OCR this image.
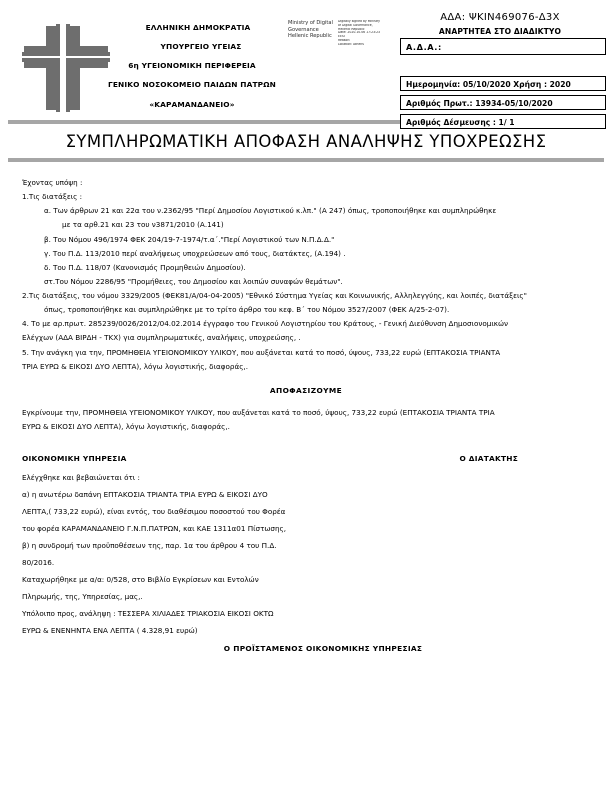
ΕΛΛΗΝΙΚΗ ΔΗΜΟΚΡΑΤΙΑ
ΥΠΟΥΡΓΕΙΟ ΥΓΕΙΑΣ
6η ΥΓΕΙΟΝΟΜΙΚΗ ΠΕΡΙΦΕΡΕΙΑ
ΓΕΝΙΚΟ ΝΟΣΟΚΟΜΕΙΟ ΠΑΙΔΩΝ ΠΑΤΡΩΝ
«ΚΑΡΑΜΑΝΔΑΝΕΙΟ»
Ministry of Digital
Governance
Hellenic Republic
Digitally signed by Ministry
of Digital Governance,
Hellenic Republic
Date: 2020.10.06 17:23:23
EEST
Reason:
Location: Athens
ΑΔΑ: ΨΚΙΝ469076-Δ3Χ
ΑΝΑΡΤΗΤΕΑ ΣΤΟ ΔΙΑΔΙΚΤΥΟ
Α.Δ.Α.:
Ημερομηνία: 05/10/2020 Χρήση : 2020
Αριθμός Πρωτ.: 13934-05/10/2020
Αριθμός Δέσμευσης : 1/ 1
ΣΥΜΠΛΗΡΩΜΑΤΙΚΗ ΑΠΟΦΑΣΗ ΑΝΑΛΗΨΗΣ ΥΠΟΧΡΕΩΣΗΣ
Έχοντας υπόψη :
1.Τις διατάξεις :
α. Των άρθρων 21 και 22α του ν.2362/95 "Περί Δημοσίου Λογιστικού κ.λπ." (Α 247) όπως, τροποποιήθηκε και συμπληρώθηκε
με τα αρθ.21 και 23 του ν3871/2010 (Α.141)
β. Του Νόμου 496/1974 ΦΕΚ 204/19-7-1974/τ.α΄."Περί Λογιστικού των Ν.Π.Δ.Δ."
γ. Του Π.Δ. 113/2010 περί αναλήψεως υποχρεώσεων από τους, διατάκτες, (Α.194) .
δ. Του Π.Δ. 118/07 (Κανονισμός Προμηθειών Δημοσίου).
στ.Του Νόμου 2286/95 "Προμήθειες, του Δημοσίου και λοιπών συναφών θεμάτων".
2.Τις διατάξεις, του νόμου 3329/2005 (ΦΕΚ81/Α/04-04-2005) "Εθνικό Σύστημα Υγείας και Κοινωνικής, Αλληλεγγύης, και λοιπές, διατάξεις"
όπως, τροποποιήθηκε και συμπληρώθηκε με το τρίτο άρθρο του κεφ. Β΄ του Νόμου 3527/2007 (ΦΕΚ Α/25-2-07).
4. Το με αρ.πρωτ. 285239/0026/2012/04.02.2014 έγγραφο του Γενικού Λογιστηρίου του Κράτους, - Γενική Διεύθυνση Δημοσιονομικών
Ελέγχων (ΑΔΑ ΒΙΡΔΗ - ΤΚΧ) για συμπληρωματικές, αναλήψεις, υποχρεώσης, .
5. Την ανάγκη για την, ΠΡΟΜΗΘΕΙΑ ΥΓΕΙΟΝΟΜΙΚΟΥ ΥΛΙΚΟΥ, που αυξάνεται κατά το ποσό, ύψους, 733,22 ευρώ (ΕΠΤΑΚΟΣΙΑ ΤΡΙΑΝΤΑ
ΤΡΙΑ ΕΥΡΩ & ΕΙΚΟΣΙ ΔΥΟ ΛΕΠΤΑ), λόγω λογιστικής, διαφοράς,.
ΑΠΟΦΑΣΙΖΟΥΜΕ
Εγκρίνουμε την, ΠΡΟΜΗΘΕΙΑ ΥΓΕΙΟΝΟΜΙΚΟΥ ΥΛΙΚΟΥ, που αυξάνεται κατά το ποσό, ύψους, 733,22 ευρώ (ΕΠΤΑΚΟΣΙΑ ΤΡΙΑΝΤΑ ΤΡΙΑ
ΕΥΡΩ & ΕΙΚΟΣΙ ΔΥΟ ΛΕΠΤΑ), λόγω λογιστικής, διαφοράς,.
ΟΙΚΟΝΟΜΙΚΗ ΥΠΗΡΕΣΙΑ	Ο ΔΙΑΤΑΚΤΗΣ
Ελέγχθηκε και βεβαιώνεται ότι :
α) η ανωτέρω δαπάνη ΕΠΤΑΚΟΣΙΑ ΤΡΙΑΝΤΑ ΤΡΙΑ ΕΥΡΩ & ΕΙΚΟΣΙ ΔΥΟ
ΛΕΠΤΑ,( 733,22 ευρώ), είναι εντός, του διαθέσιμου ποσοστού του Φορέα
του φορέα ΚΑΡΑΜΑΝΔΑΝΕΙΟ Γ.Ν.Π.ΠΑΤΡΩΝ, και ΚΑΕ 1311α01 Πίστωσης,
β) η συνδρομή των προϋποθέσεων της, παρ. 1α του άρθρου 4 του Π.Δ.
80/2016.
Καταχωρήθηκε με α/α: 0/528, στο Βιβλίο Εγκρίσεων και Εντολών
Πληρωμής, της, Υπηρεσίας, μας,.
Υπόλοιπο προς, ανάληψη : ΤΕΣΣΕΡΑ ΧΙΛΙΑΔΕΣ ΤΡΙΑΚΟΣΙΑ ΕΙΚΟΣΙ ΟΚΤΩ
ΕΥΡΩ & ΕΝΕΝΗΝΤΑ ΕΝΑ ΛΕΠΤΑ ( 4.328,91 ευρώ)
Ο ΠΡΟΪΣΤΑΜΕΝΟΣ ΟΙΚΟΝΟΜΙΚΗΣ ΥΠΗΡΕΣΙΑΣ
